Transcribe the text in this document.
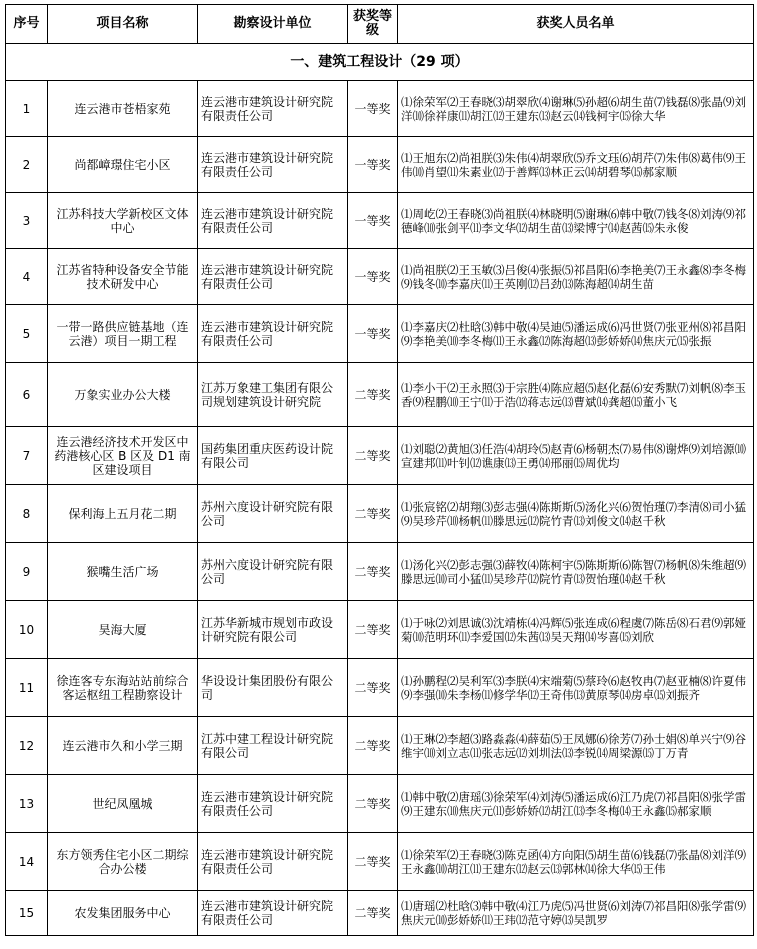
序号	项目名称	勘察设计单位	获奖等级	获奖人员名单
一、建筑工程设计（29 项）				
1	连云港市苍梧家苑	连云港市建筑设计研究院有限责任公司	一等奖	⑴徐荣军⑵王春晓⑶胡翠欣⑷谢琳⑸孙超⑹胡生苗⑺钱磊⑻张晶⑼刘洋⑽徐祥康⑾胡江⑿王建东⒀赵云⒁钱柯宇⒂徐大华
2	尚都嶂璟住宅小区	连云港市建筑设计研究院有限责任公司	一等奖	⑴王旭东⑵尚祖朕⑶朱伟⑷胡翠欣⑸乔文珏⑹胡芹⑺朱伟⑻葛伟⑼王伟⑽肖望⑾朱素业⑿于善辉⒀林正云⒁胡碧琴⒂郝家顺
3	江苏科技大学新校区文体中心	连云港市建筑设计研究院有限责任公司	一等奖	⑴周屹⑵王春晓⑶尚祖朕⑷林晓明⑸谢琳⑹韩中敬⑺钱冬⑻刘涛⑼祁德峰⑽张剑平⑾李文华⑿胡生苗⒀梁博宁⒁赵茜⒂朱永俊
4	江苏省特种设备安全节能技术研发中心	连云港市建筑设计研究院有限责任公司	一等奖	⑴尚祖朕⑵王玉敏⑶吕俊⑷张振⑸祁昌阳⑹李艳美⑺王永鑫⑻李冬梅⑼钱冬⑽李嘉庆⑾王英刚⑿吕劲⒀陈海超⒁胡生苗
5	一带一路供应链基地（连云港）项目一期工程	连云港市建筑设计研究院有限责任公司	一等奖	⑴李嘉庆⑵杜晗⑶韩中敬⑷吴迪⑸潘运成⑹冯世贤⑺张亚州⑻祁昌阳⑼李艳美⑽李冬梅⑾王永鑫⑿陈海超⒀彭娇娇⒁焦庆元⒂张振
6	万象实业办公大楼	江苏万象建工集团有限公司规划建筑设计研究院	二等奖	⑴李小干⑵王永照⑶于宗胜⑷陈应超⑸赵化磊⑹安秀默⑺刘帆⑻李玉香⑼程鹏⑽王宁⑾于浩⑿蒋志远⒀曹斌⒁龚超⒂董小飞
7	连云港经济技术开发区中药港核心区 B 区及 D1 南区建设项目	国药集团重庆医药设计院有限公司	二等奖	⑴刘聪⑵黄旭⑶任浩⑷胡玲⑸赵青⑹杨朝杰⑺易伟⑻谢烨⑼刘培源⑽宣建邦⑾叶钊⑿谯康⒀王勇⒁邢丽⒂周优均
8	保利海上五月花二期	苏州六度设计研究院有限公司	二等奖	⑴张宸铭⑵胡翔⑶彭志强⑷陈斯斯⑸汤化兴⑹贺怡瑾⑺李清⑻司小猛⑼吴珍芹⑽杨帆⑾滕思远⑿院竹青⒀刘俊文⒁赵千秋
9	猴嘴生活广场	苏州六度设计研究院有限公司	二等奖	⑴汤化兴⑵彭志强⑶薛牧⑷陈柯宇⑸陈斯斯⑹陈智⑺杨帆⑻朱维超⑼滕思远⑽司小猛⑾吴珍芹⑿院竹青⒀贺怡瑾⒁赵千秋
10	昊海大厦	江苏华新城市规划市政设计研究院有限公司	二等奖	⑴于咏⑵刘思诚⑶沈靖栋⑷冯辉⑸张连成⑹程虞⑺陈岳⑻石君⑼郭娅菊⑽范明环⑾李爱国⑿朱茜⒀吴天翔⒁岑喜⒂刘欣
11	徐连客专东海站站前综合客运枢纽工程勘察设计	华设设计集团股份有限公司	二等奖	⑴孙鹏程⑵吴利军⑶李朕⑷宋端菊⑸蔡玲⑹赵牧冉⑺赵亚楠⑻许夏伟⑼李强⑽朱李杨⑾修学华⑿王奇伟⒀黄原琴⒁房卓⒂刘振齐
12	连云港市久和小学三期	江苏中建工程设计研究院有限公司	二等奖	⑴王琳⑵李超⑶路淼淼⑷薛茹⑸王凤娜⑹徐芳⑺孙士娟⑻单兴宁⑼谷维宇⑽刘立志⑾张志远⑿刘圳法⒀李锐⒁周梁源⒂丁万青
13	世纪凤凰城	连云港市建筑设计研究院有限责任公司	二等奖	⑴韩中敬⑵唐瑶⑶徐荣军⑷刘涛⑸潘运成⑹江乃虎⑺祁昌阳⑻张学雷⑼王建东⑽焦庆元⑾彭娇娇⑿胡江⒀李冬梅⒁王永鑫⒂郝家顺
14	东方领秀住宅小区二期综合办公楼	连云港市建筑设计研究院有限责任公司	二等奖	⑴徐荣军⑵王春晓⑶陈克函⑷方向阳⑸胡生苗⑹钱磊⑺张晶⑻刘洋⑼王永鑫⑽胡江⑾王建东⑿赵云⒀郭林⒁徐大华⒂王伟
15	农发集团服务中心	连云港市建筑设计研究院有限责任公司	二等奖	⑴唐瑶⑵杜晗⑶韩中敬⑷江乃虎⑸冯世贤⑹刘涛⑺祁昌阳⑻张学雷⑼焦庆元⑽彭娇娇⑾王玮⑿范守婷⒀吴凯罗
